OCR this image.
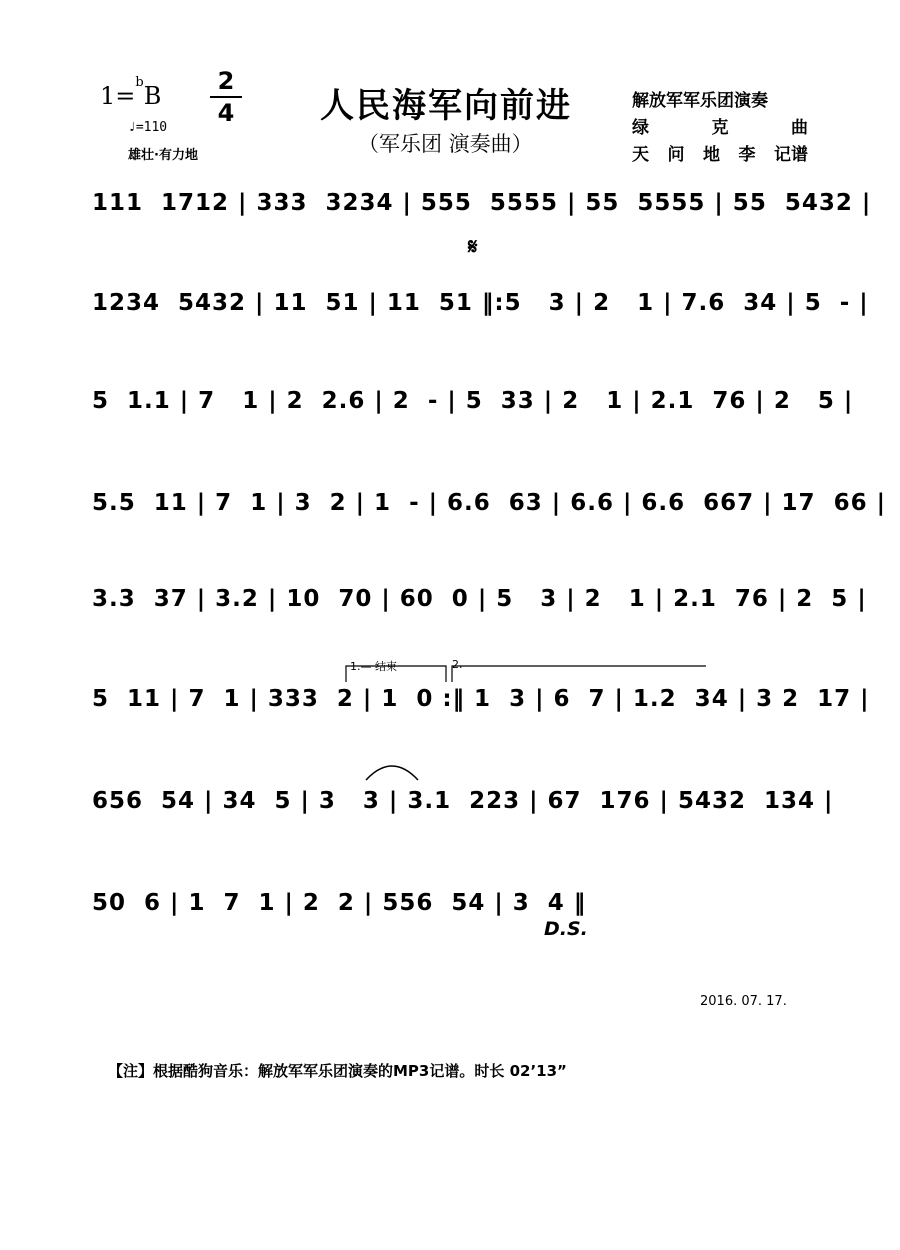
1=$^b$B
2
4
♩=110
雄壮·有力地
人民海军向前进
（军乐团 演奏曲）
解放军军乐团演奏
绿	克	曲
天 问 地 李 记谱
111  1712 | 333  3234 | 555  5555 | 55  5555 | 55  5432 |
𝄋
1234  5432 | 11  51 | 11  51 ‖:5   3 | 2   1 | 7.6  34 | 5  - |
5  1.1 | 7   1 | 2  2.6 | 2  - | 5  33 | 2   1 | 2.1  76 | 2   5 |
5.5  11 | 7  1 | 3  2 | 1  - | 6.6  63 | 6.6 | 6.6  667 | 17  66 |
3.3  37 | 3.2 | 10  70 | 60  0 | 5   3 | 2   1 | 2.1  76 | 2  5 |
1.— 结束	2.
5  11 | 7  1 | 333  2 | 1  0 :‖ 1  3 | 6  7 | 1.2  34 | 3 2  17 |
656  54 | 34  5 | 3   3 | 3.1  223 | 67  176 | 5432  134 |
50  6 | 1  7  1 | 2  2 | 556  54 | 3  4 ‖
D.S.
2016. 07. 17.
【注】根据酷狗音乐：解放军军乐团演奏的MP3记谱。时长 02’13”
